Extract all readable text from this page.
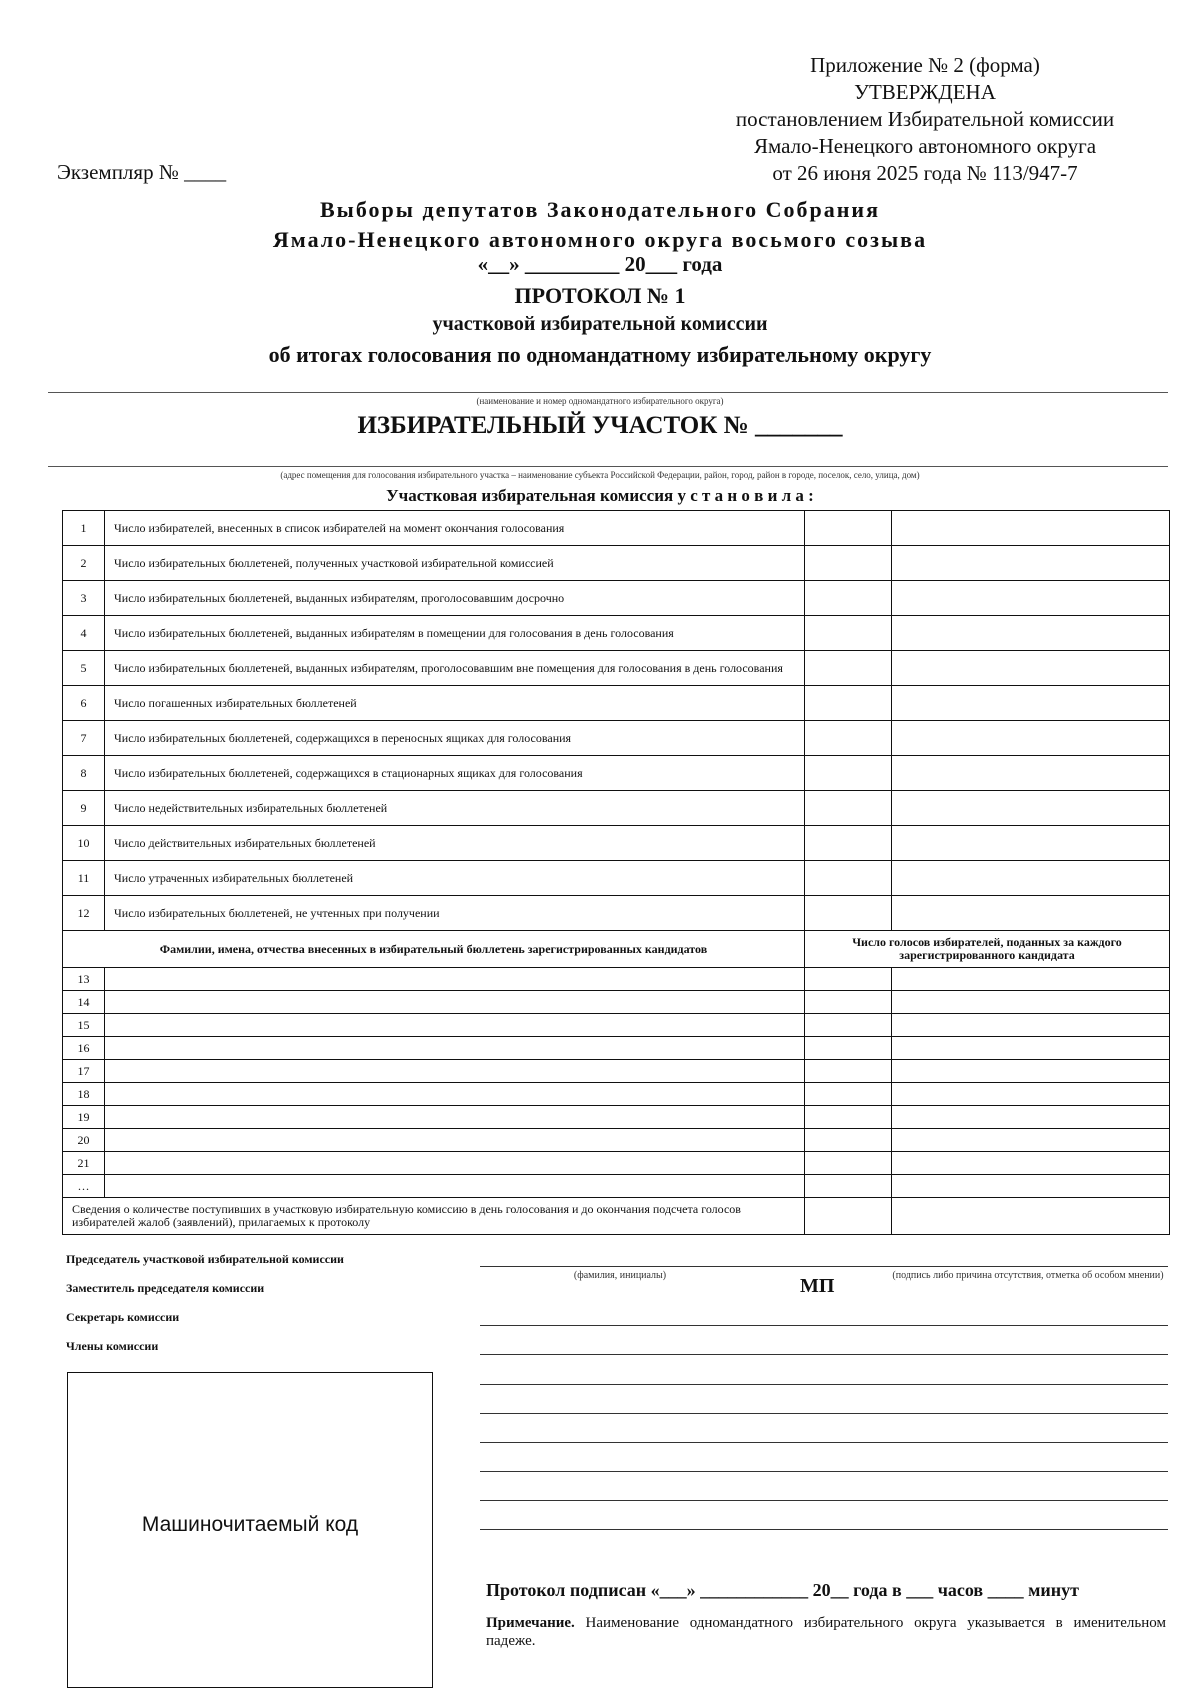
Приложение № 2 (форма)
УТВЕРЖДЕНА
постановлением Избирательной комиссии
Ямало-Ненецкого автономного округа
от 26 июня 2025 года № 113/947-7
Экземпляр № ____
Выборы депутатов Законодательного Собрания
Ямало-Ненецкого автономного округа восьмого созыва
«__» _________ 20___ года
ПРОТОКОЛ № 1
участковой избирательной комиссии
об итогах голосования по одномандатному избирательному округу
(наименование и номер одномандатного избирательного округа)
ИЗБИРАТЕЛЬНЫЙ УЧАСТОК № _______
(адрес помещения для голосования избирательного участка – наименование субъекта Российской Федерации, район, город, район в городе, поселок, село, улица, дом)
Участковая избирательная комиссия у с т а н о в и л а :
1	Число избирателей, внесенных в список избирателей на момент окончания голосования		
2	Число избирательных бюллетеней, полученных участковой избирательной комиссией		
3	Число избирательных бюллетеней, выданных избирателям, проголосовавшим досрочно		
4	Число избирательных бюллетеней, выданных избирателям в помещении для голосования в день голосования		
5	Число избирательных бюллетеней, выданных избирателям, проголосовавшим вне помещения для голосования в день голосования		
6	Число погашенных избирательных бюллетеней		
7	Число избирательных бюллетеней, содержащихся в переносных ящиках для голосования		
8	Число избирательных бюллетеней, содержащихся в стационарных ящиках для голосования		
9	Число недействительных избирательных бюллетеней		
10	Число действительных избирательных бюллетеней		
11	Число утраченных избирательных бюллетеней		
12	Число избирательных бюллетеней, не учтенных при получении		
Фамилии, имена, отчества внесенных в избирательный бюллетень зарегистрированных кандидатов		Число голосов избирателей, поданных за каждого зарегистрированного кандидата	
13			
14			
15			
16			
17			
18			
19			
20			
21			
…			
Сведения о количестве поступивших в участковую избирательную комиссию в день голосования и до окончания подсчета голосов избирателей жалоб (заявлений), прилагаемых к протоколу			
Председатель участковой избирательной комиссии
Заместитель председателя комиссии
Секретарь комиссии
Члены комиссии
(фамилия, инициалы)	МП	(подпись либо причина отсутствия, отметка об особом мнении)
Машиночитаемый код
Протокол подписан «___» ____________ 20__ года в ___ часов ____ минут
Примечание. Наименование одномандатного избирательного округа указывается в именительном падеже.
